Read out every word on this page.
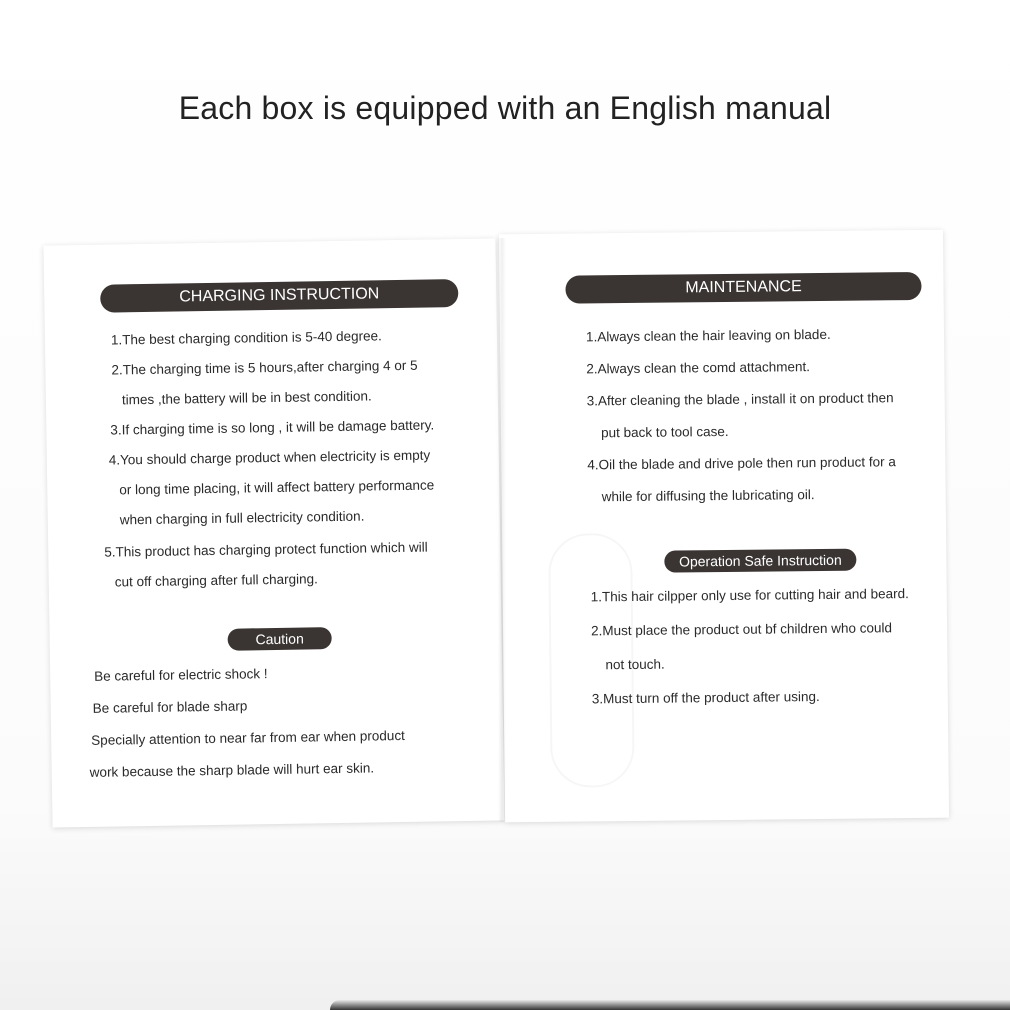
Each box is equipped with an English manual
CHARGING INSTRUCTION
1.The best charging condition is 5-40 degree.
2.The charging time is 5 hours,after charging 4 or 5
times ,the battery will be in best condition.
3.If charging time is so long , it will be damage battery.
4.You should charge product when electricity is empty
or long time placing, it will affect battery performance
when charging in full electricity condition.
5.This product has charging protect function which will
cut off charging after full charging.
Caution
Be careful for electric shock !
Be careful for blade sharp
Specially attention to near far from ear when product
work because the sharp blade will hurt ear skin.
MAINTENANCE
1.Always clean the hair leaving on blade.
2.Always clean the comd attachment.
3.After cleaning the blade , install it on product then
put back to tool case.
4.Oil the blade and drive pole then run product for a
while for diffusing the lubricating oil.
Operation Safe Instruction
1.This hair cilpper only use for cutting hair and beard.
2.Must place the product out bf children who could
not touch.
3.Must turn off the product after using.
